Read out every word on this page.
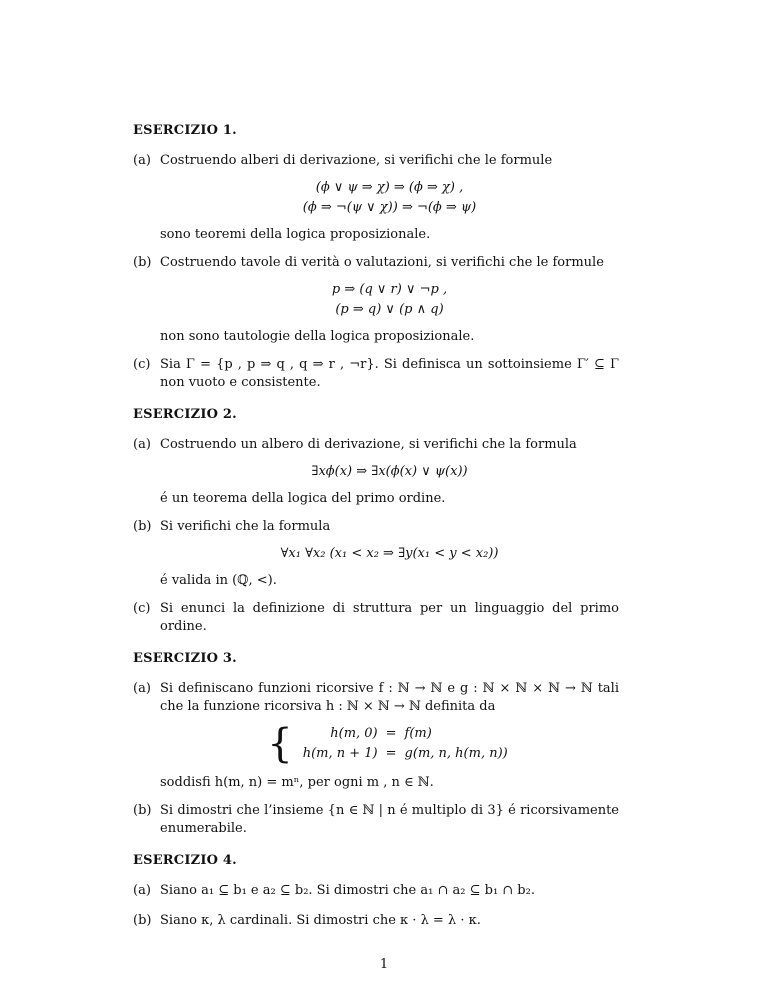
ESERCIZIO 1.
(a) Costruendo alberi di derivazione, si verifichi che le formule
(ϕ ∨ ψ ⇒ χ) ⇒ (ϕ ⇒ χ) ,
(ϕ ⇒ ¬(ψ ∨ χ)) ⇒ ¬(ϕ ⇒ ψ)
sono teoremi della logica proposizionale.
(b) Costruendo tavole di verità o valutazioni, si verifichi che le formule
p ⇒ (q ∨ r) ∨ ¬p ,
(p ⇒ q) ∨ (p ∧ q)
non sono tautologie della logica proposizionale.
(c) Sia Γ = {p , p ⇒ q , q ⇒ r , ¬r}. Si definisca un sottoinsieme Γ′ ⊆ Γ non vuoto e consistente.
ESERCIZIO 2.
(a) Costruendo un albero di derivazione, si verifichi che la formula
∃xϕ(x) ⇒ ∃x(ϕ(x) ∨ ψ(x))
é un teorema della logica del primo ordine.
(b) Si verifichi che la formula
∀x₁ ∀x₂ (x₁ < x₂ ⇒ ∃y(x₁ < y < x₂))
é valida in (ℚ, <).
(c) Si enunci la definizione di struttura per un linguaggio del primo ordine.
ESERCIZIO 3.
(a) Si definiscano funzioni ricorsive f : ℕ → ℕ e g : ℕ × ℕ × ℕ → ℕ tali che la funzione ricorsiva h : ℕ × ℕ → ℕ definita da
{	h(m, 0)	=	f(m)
h(m, n + 1)	=	g(m, n, h(m, n))
soddisfi h(m, n) = mⁿ, per ogni m , n ∈ ℕ.
(b) Si dimostri che l’insieme {n ∈ ℕ | n é multiplo di 3} é ricorsivamente enumerabile.
ESERCIZIO 4.
(a) Siano a₁ ⊆ b₁ e a₂ ⊆ b₂. Si dimostri che a₁ ∩ a₂ ⊆ b₁ ∩ b₂.
(b) Siano κ, λ cardinali. Si dimostri che κ · λ = λ · κ.
1
